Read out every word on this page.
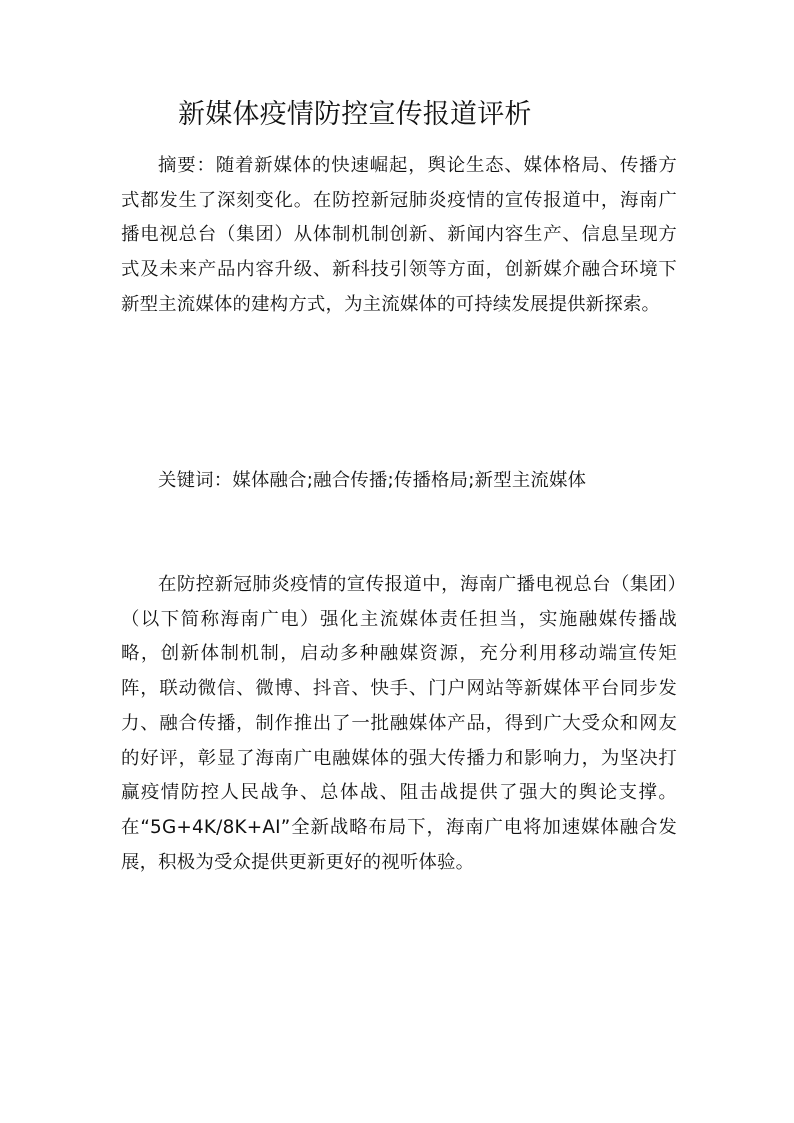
新媒体疫情防控宣传报道评析

摘要：随着新媒体的快速崛起，舆论生态、媒体格局、传播方式都发生了深刻变化。在防控新冠肺炎疫情的宣传报道中，海南广播电视总台（集团）从体制机制创新、新闻内容生产、信息呈现方式及未来产品内容升级、新科技引领等方面，创新媒介融合环境下新型主流媒体的建构方式，为主流媒体的可持续发展提供新探索。

关键词：媒体融合;融合传播;传播格局;新型主流媒体

在防控新冠肺炎疫情的宣传报道中，海南广播电视总台（集团）（以下简称海南广电）强化主流媒体责任担当，实施融媒传播战略，创新体制机制，启动多种融媒资源，充分利用移动端宣传矩阵，联动微信、微博、抖音、快手、门户网站等新媒体平台同步发力、融合传播，制作推出了一批融媒体产品，得到广大受众和网友的好评，彰显了海南广电融媒体的强大传播力和影响力，为坚决打赢疫情防控人民战争、总体战、阻击战提供了强大的舆论支撑。在“5G+4K/8K+AI”全新战略布局下，海南广电将加速媒体融合发展，积极为受众提供更新更好的视听体验。
